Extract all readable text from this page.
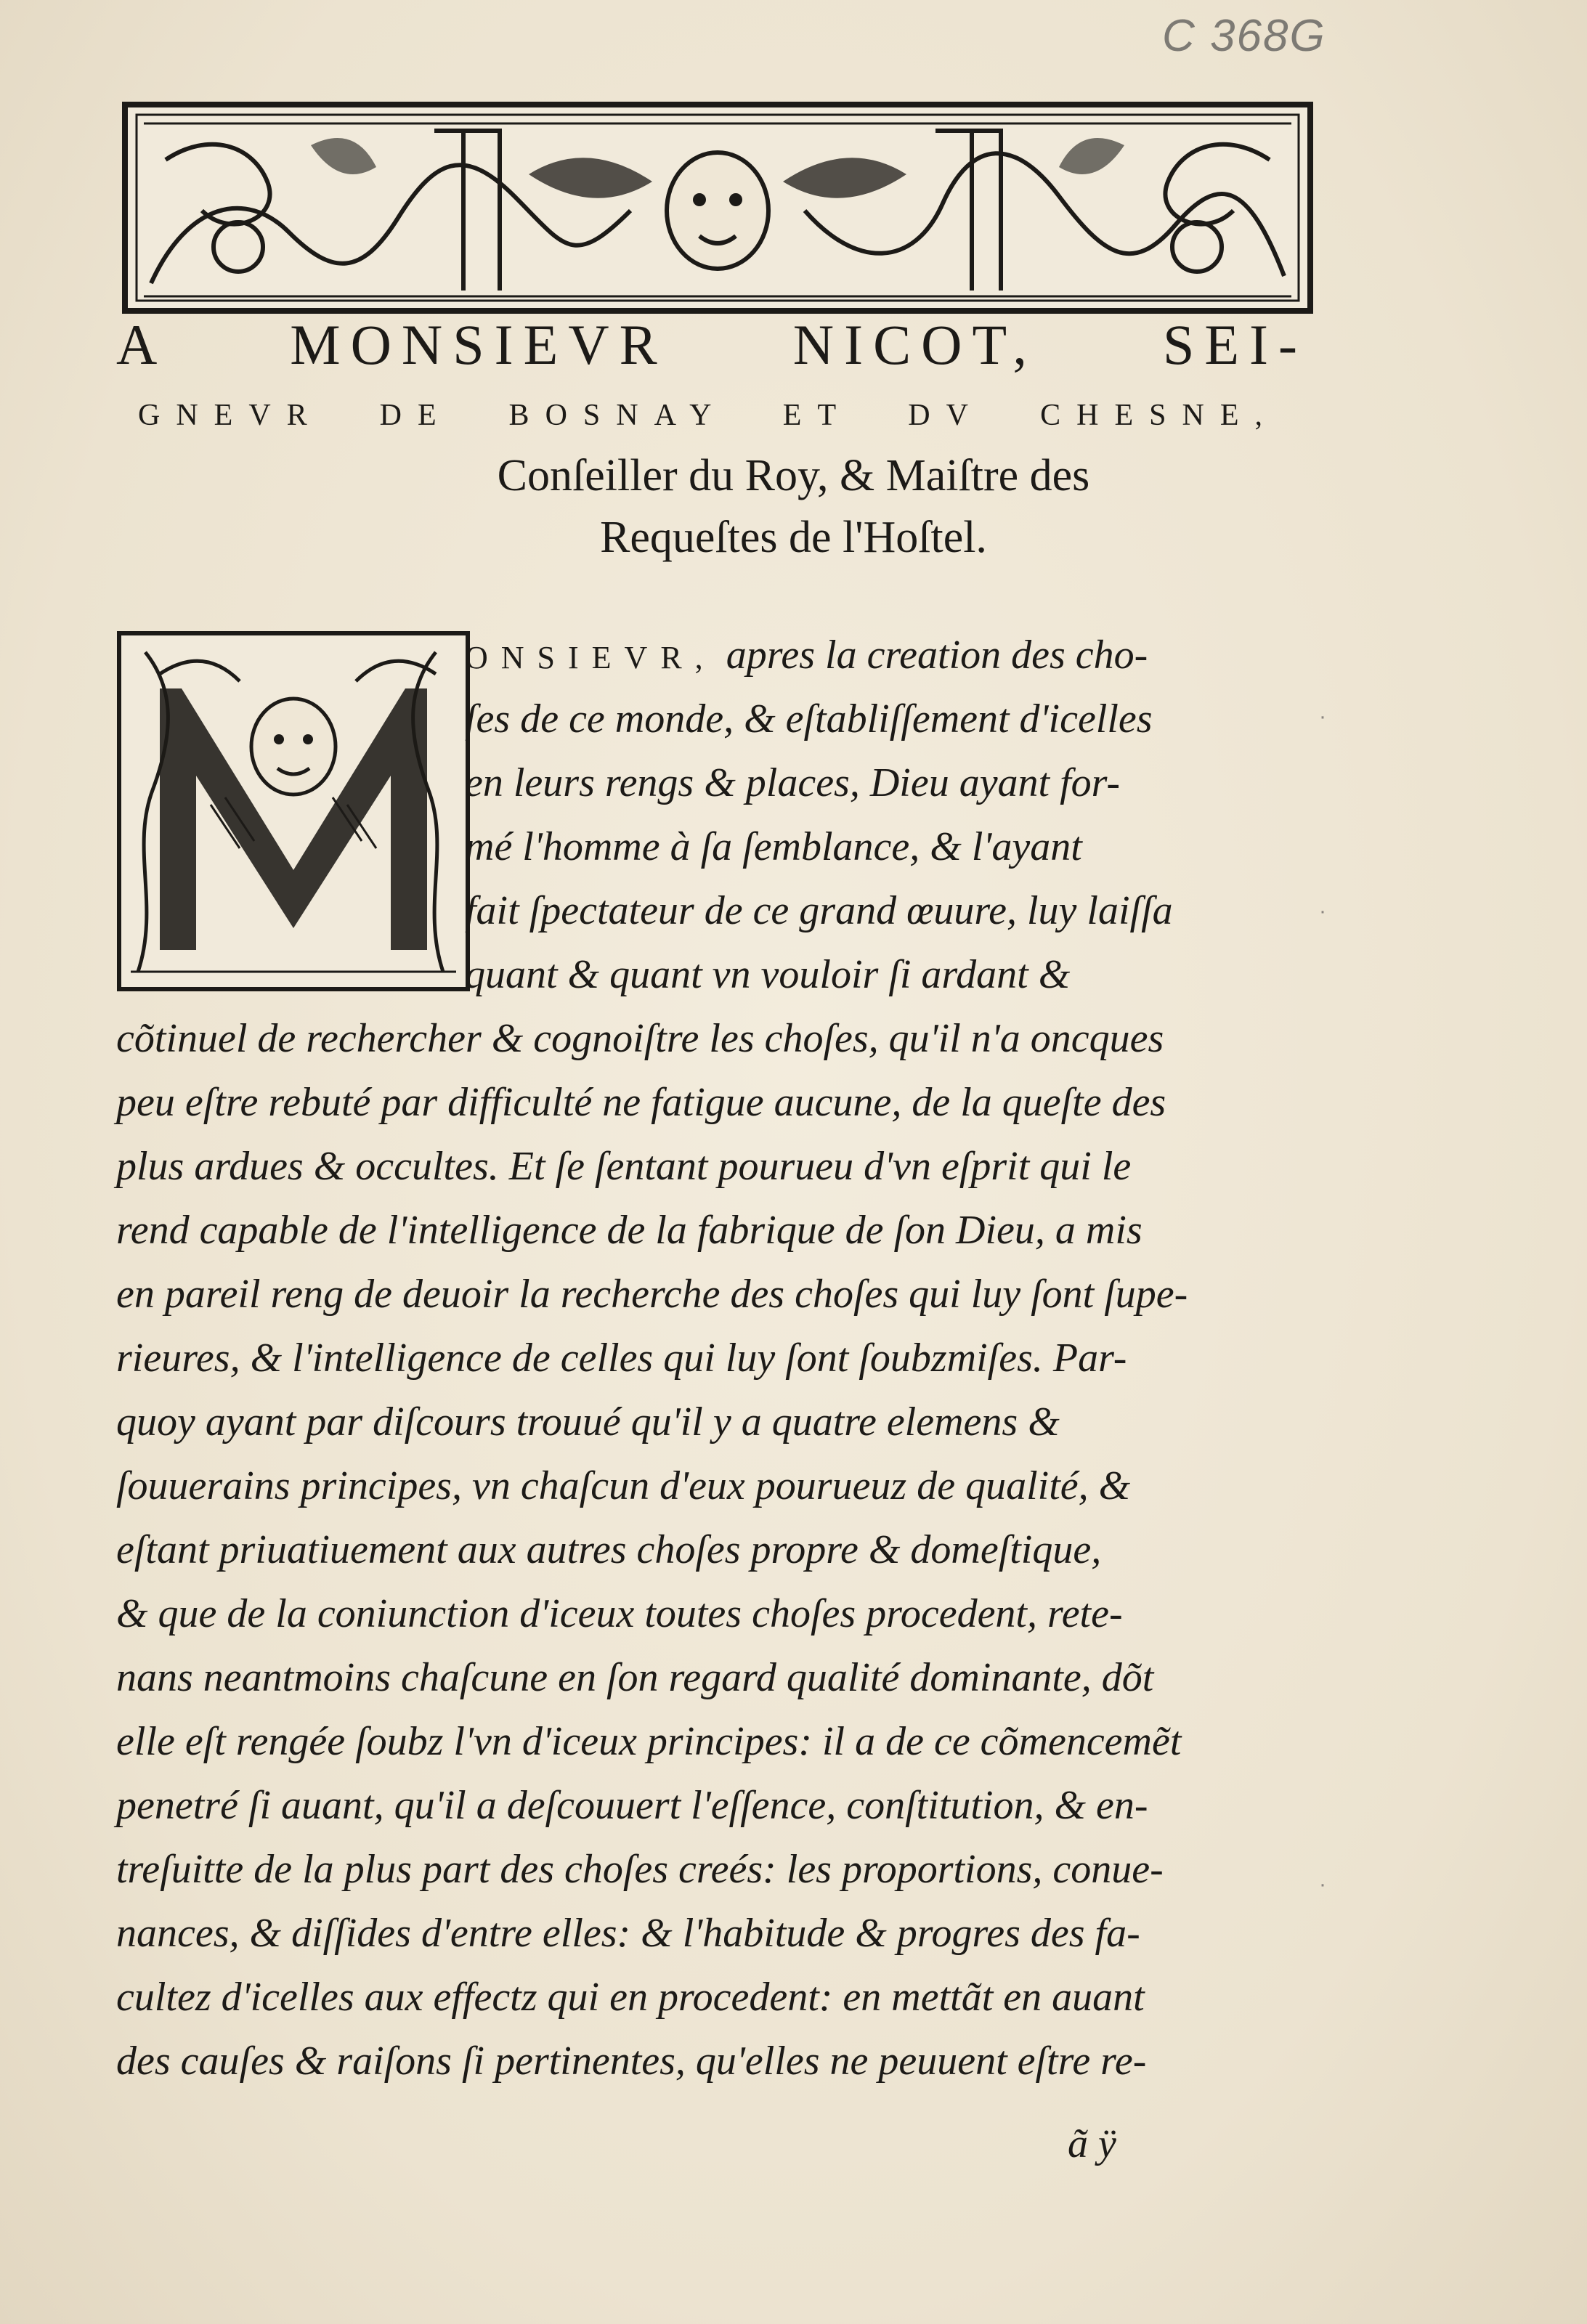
C 368G
A MONSIEVR NICOT, SEI-
GNEVR DE BOSNAY ET DV CHESNE,
Conſeiller du Roy, & Maiſtre des
Requeſtes de l'Hoſtel.
ONSIEVR, apres la creation des cho-
ſes de ce monde, & eſtabliſſement d'icelles
en leurs rengs & places, Dieu ayant for-
mé l'homme à ſa ſemblance, & l'ayant
fait ſpectateur de ce grand œuure, luy laiſſa
quant & quant vn vouloir ſi ardant &
cõtinuel de rechercher & cognoiſtre les choſes, qu'il n'a oncques
peu eſtre rebuté par difficulté ne fatigue aucune, de la queſte des
plus ardues & occultes. Et ſe ſentant pourueu d'vn eſprit qui le
rend capable de l'intelligence de la fabrique de ſon Dieu, a mis
en pareil reng de deuoir la recherche des choſes qui luy ſont ſupe-
rieures, & l'intelligence de celles qui luy ſont ſoubzmiſes. Par-
quoy ayant par diſcours trouué qu'il y a quatre elemens &
ſouuerains principes, vn chaſcun d'eux pourueuz de qualité, &
eſtant priuatiuement aux autres choſes propre & domeſtique,
& que de la coniunction d'iceux toutes choſes procedent, rete-
nans neantmoins chaſcune en ſon regard qualité dominante, dõt
elle eſt rengée ſoubz l'vn d'iceux principes: il a de ce cõmencemẽt
penetré ſi auant, qu'il a deſcouuert l'eſſence, conſtitution, & en-
treſuitte de la plus part des choſes creés: les proportions, conue-
nances, & diſſides d'entre elles: & l'habitude & progres des fa-
cultez d'icelles aux effectz qui en procedent: en mettãt en auant
des cauſes & raiſons ſi pertinentes, qu'elles ne peuuent eſtre re-
ã ÿ
·
·
·
